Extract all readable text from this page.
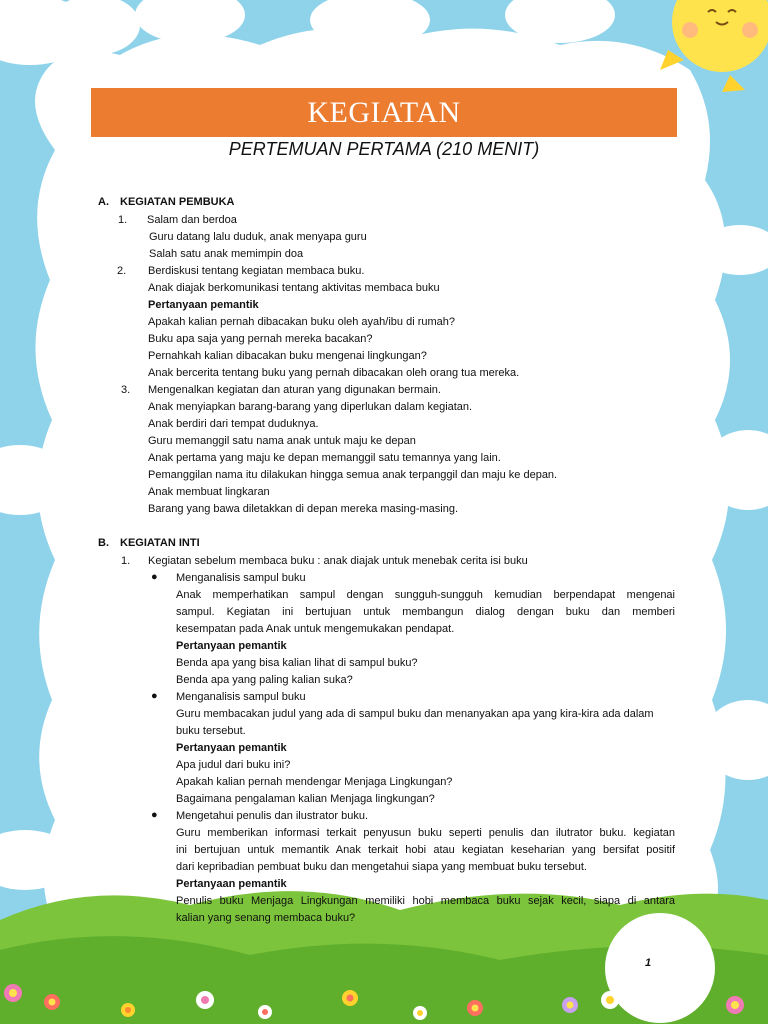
KEGIATAN
PERTEMUAN PERTAMA (210 MENIT)
A. KEGIATAN PEMBUKA
1. Salam dan berdoa
Guru datang lalu duduk, anak menyapa guru
Salah satu anak memimpin doa
2. Berdiskusi tentang kegiatan membaca buku.
Anak diajak berkomunikasi tentang aktivitas membaca buku
Pertanyaan pemantik
Apakah kalian pernah dibacakan buku oleh ayah/ibu di rumah?
Buku apa saja yang pernah mereka bacakan?
Pernahkah kalian dibacakan buku mengenai lingkungan?
Anak bercerita tentang buku yang pernah dibacakan oleh orang tua mereka.
3. Mengenalkan kegiatan dan aturan yang digunakan bermain.
Anak menyiapkan barang-barang yang diperlukan dalam kegiatan.
Anak berdiri dari tempat duduknya.
Guru memanggil satu nama anak untuk maju ke depan
Anak pertama yang maju ke depan memanggil satu temannya yang lain.
Pemanggilan nama itu dilakukan hingga semua anak terpanggil dan maju ke depan.
Anak membuat lingkaran
Barang yang bawa diletakkan di depan mereka masing-masing.
B. KEGIATAN INTI
1. Kegiatan sebelum membaca buku : anak diajak untuk menebak cerita isi buku
● Menganalisis sampul buku
Anak memperhatikan sampul dengan sungguh-sungguh kemudian berpendapat mengenai
sampul. Kegiatan ini bertujuan untuk membangun dialog dengan buku dan memberi
kesempatan pada Anak untuk mengemukakan pendapat.
Pertanyaan pemantik
Benda apa yang bisa kalian lihat di sampul buku?
Benda apa yang paling kalian suka?
● Menganalisis sampul buku
Guru membacakan judul yang ada di sampul buku dan menanyakan apa yang kira-kira ada dalam
buku tersebut.
Pertanyaan pemantik
Apa judul dari buku ini?
Apakah kalian pernah mendengar Menjaga Lingkungan?
Bagaimana pengalaman kalian Menjaga lingkungan?
● Mengetahui penulis dan ilustrator buku.
Guru memberikan informasi terkait penyusun buku seperti penulis dan ilutrator buku. kegiatan
ini bertujuan untuk memantik Anak terkait hobi atau kegiatan keseharian yang bersifat positif
dari kepribadian pembuat buku dan mengetahui siapa yang membuat buku tersebut.
Pertanyaan pemantik
Penulis buku Menjaga Lingkungan memiliki hobi membaca buku sejak kecil, siapa di antara
kalian yang senang membaca buku?
1
